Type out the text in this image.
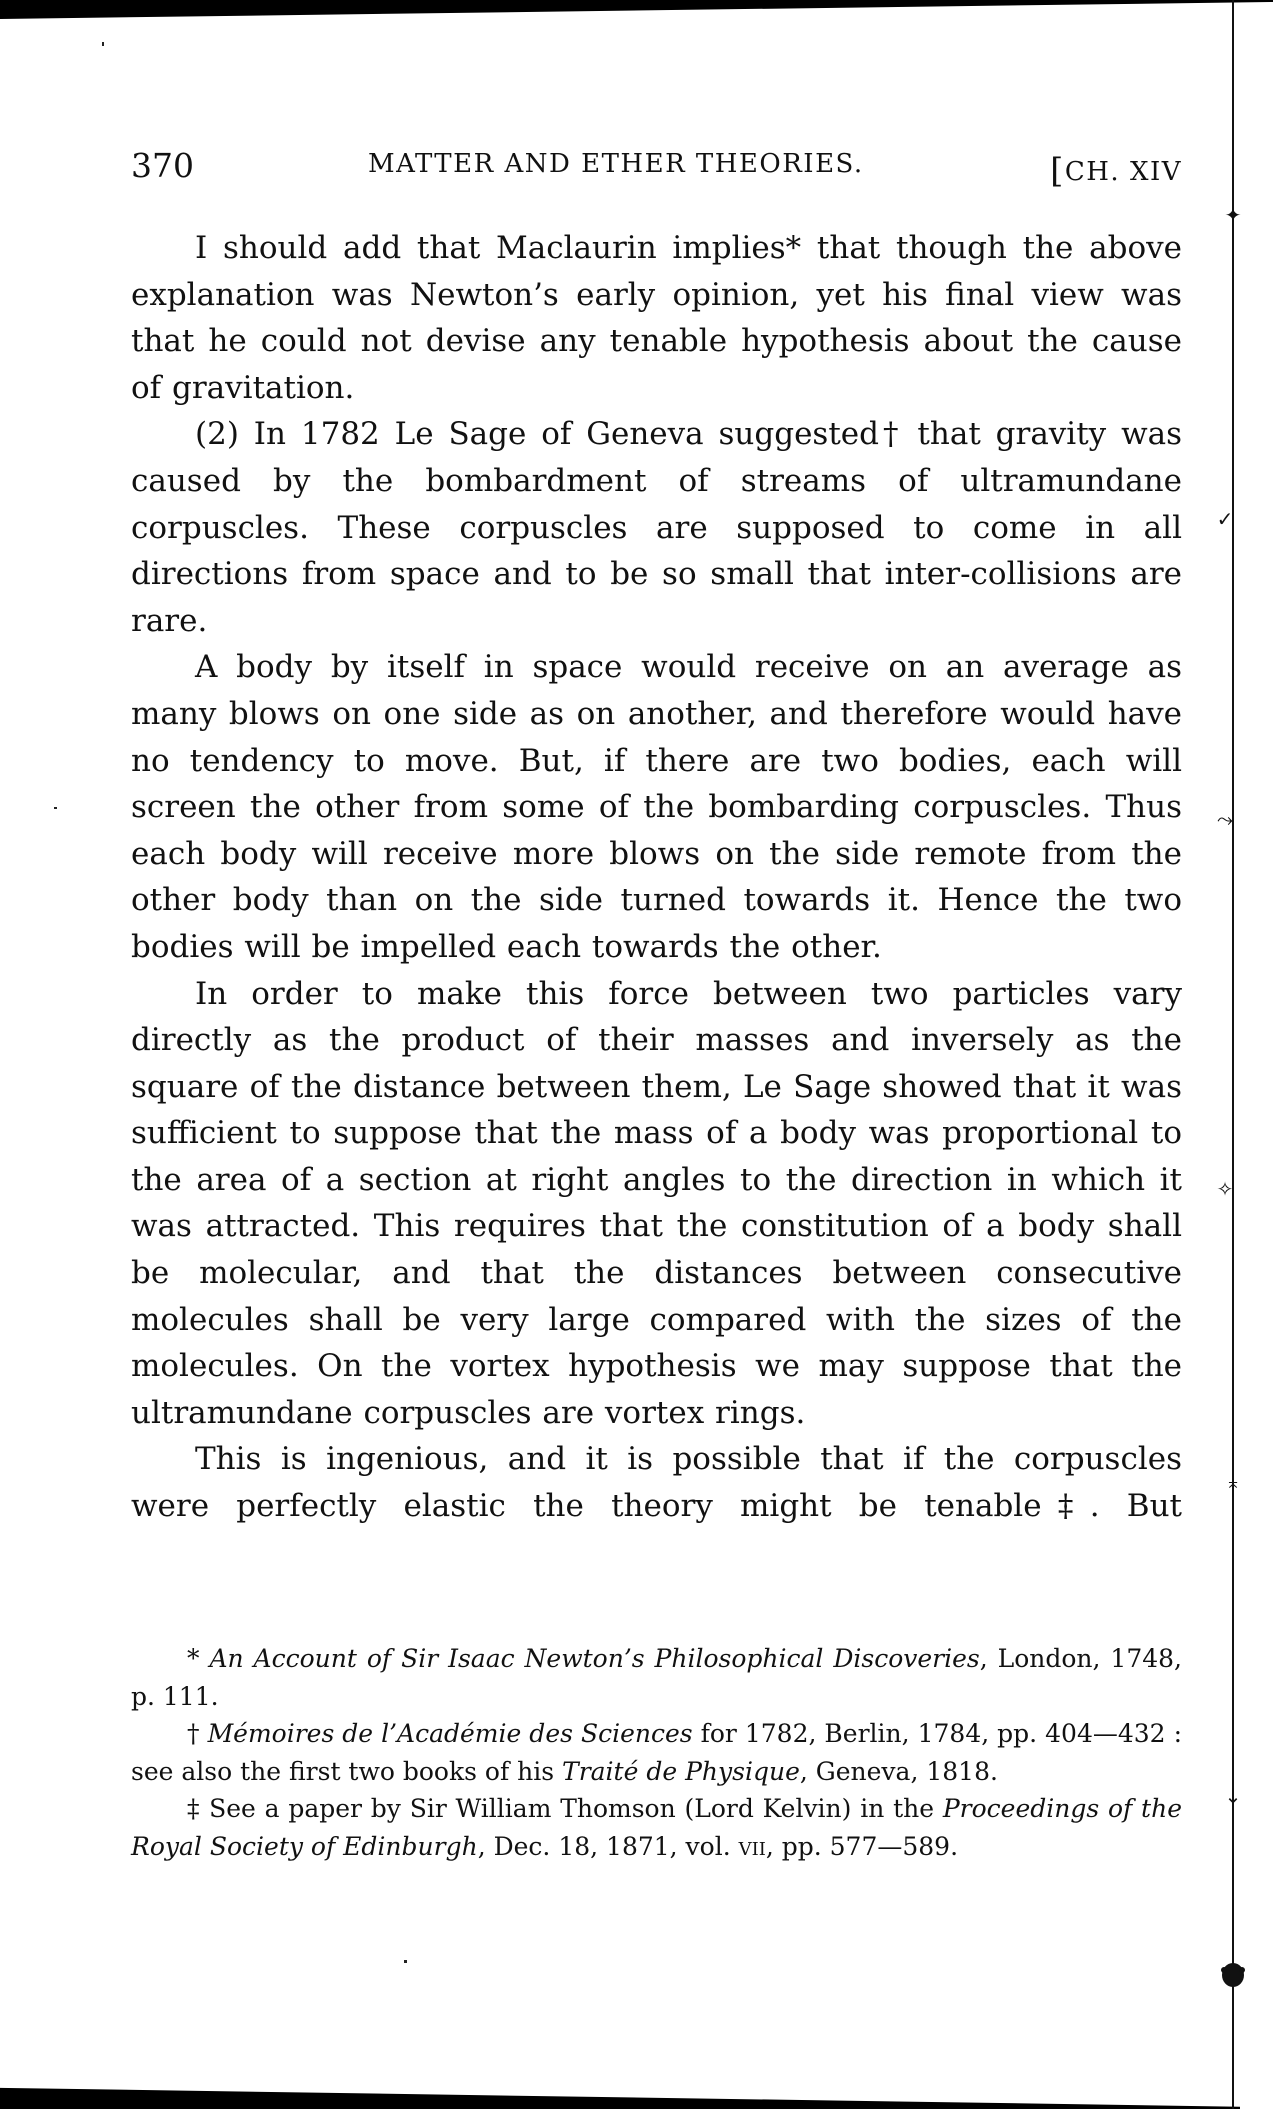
✦
✓
⤳
✧
⤒
↓
370	MATTER AND ETHER THEORIES.	[CH. XIV

I should add that Maclaurin implies* that though the above explanation was Newton’s early opinion, yet his final view was that he could not devise any tenable hypothesis about the cause of gravitation.

(2) In 1782 Le Sage of Geneva suggested† that gravity was caused by the bombardment of streams of ultramundane corpuscles. These corpuscles are supposed to come in all directions from space and to be so small that inter-collisions are rare.

A body by itself in space would receive on an average as many blows on one side as on another, and therefore would have no tendency to move. But, if there are two bodies, each will screen the other from some of the bombarding corpuscles. Thus each body will receive more blows on the side remote from the other body than on the side turned towards it. Hence the two bodies will be impelled each towards the other.

In order to make this force between two particles vary directly as the product of their masses and inversely as the square of the distance between them, Le Sage showed that it was sufficient to suppose that the mass of a body was proportional to the area of a section at right angles to the direction in which it was attracted. This requires that the constitution of a body shall be molecular, and that the distances between consecutive molecules shall be very large compared with the sizes of the molecules. On the vortex hypothesis we may suppose that the ultramundane corpuscles are vortex rings.

This is ingenious, and it is possible that if the corpuscles were perfectly elastic the theory might be tenable‡. But

* An Account of Sir Isaac Newton’s Philosophical Discoveries, London, 1748, p. 111.

† Mémoires de l’Académie des Sciences for 1782, Berlin, 1784, pp. 404—432 : see also the first two books of his Traité de Physique, Geneva, 1818.

‡ See a paper by Sir William Thomson (Lord Kelvin) in the Proceedings of the Royal Society of Edinburgh, Dec. 18, 1871, vol. vii, pp. 577—589.
